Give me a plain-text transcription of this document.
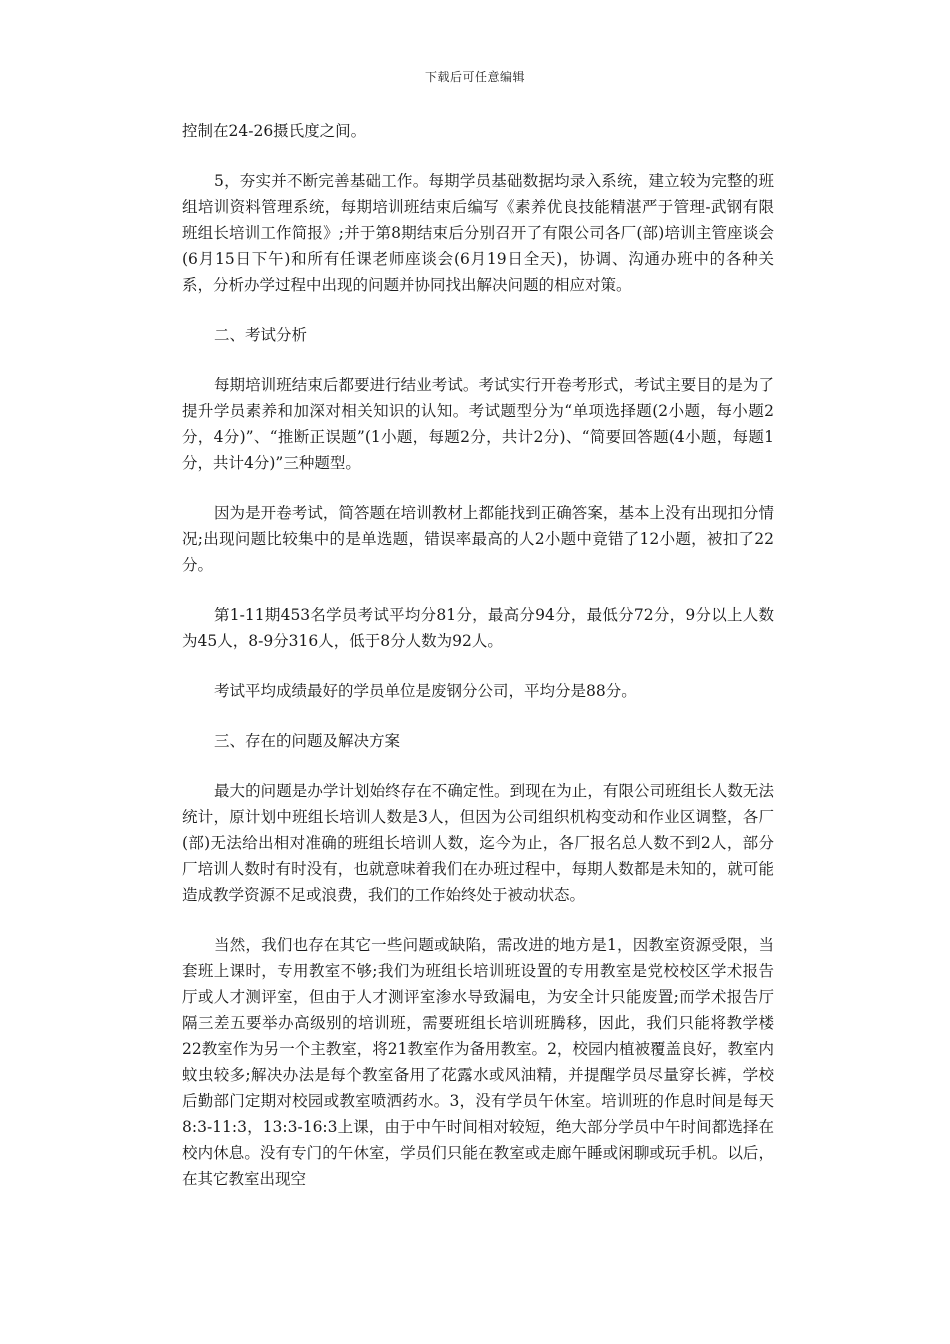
下载后可任意编辑

控制在24-26摄氏度之间。

5，夯实并不断完善基础工作。每期学员基础数据均录入系统，建立较为完整的班组培训资料管理系统，每期培训班结束后编写《素养优良技能精湛严于管理-武钢有限班组长培训工作简报》;并于第8期结束后分别召开了有限公司各厂(部)培训主管座谈会(6月15日下午)和所有任课老师座谈会(6月19日全天)，协调、沟通办班中的各种关系，分析办学过程中出现的问题并协同找出解决问题的相应对策。

二、考试分析

每期培训班结束后都要进行结业考试。考试实行开卷考形式，考试主要目的是为了提升学员素养和加深对相关知识的认知。考试题型分为“单项选择题(2小题，每小题2分，4分)”、“推断正误题”(1小题，每题2分，共计2分)、“简要回答题(4小题，每题1分，共计4分)”三种题型。

因为是开卷考试，简答题在培训教材上都能找到正确答案，基本上没有出现扣分情况;出现问题比较集中的是单选题，错误率最高的人2小题中竟错了12小题，被扣了22分。

第1-11期453名学员考试平均分81分，最高分94分，最低分72分，9分以上人数为45人，8-9分316人，低于8分人数为92人。

考试平均成绩最好的学员单位是废钢分公司，平均分是88分。

三、存在的问题及解决方案

最大的问题是办学计划始终存在不确定性。到现在为止，有限公司班组长人数无法统计，原计划中班组长培训人数是3人，但因为公司组织机构变动和作业区调整，各厂(部)无法给出相对准确的班组长培训人数，迄今为止，各厂报名总人数不到2人，部分厂培训人数时有时没有，也就意味着我们在办班过程中，每期人数都是未知的，就可能造成教学资源不足或浪费，我们的工作始终处于被动状态。

当然，我们也存在其它一些问题或缺陷，需改进的地方是1，因教室资源受限，当套班上课时，专用教室不够;我们为班组长培训班设置的专用教室是党校校区学术报告厅或人才测评室，但由于人才测评室渗水导致漏电，为安全计只能废置;而学术报告厅隔三差五要举办高级别的培训班，需要班组长培训班腾移，因此，我们只能将教学楼22教室作为另一个主教室，将21教室作为备用教室。2，校园内植被覆盖良好，教室内蚊虫较多;解决办法是每个教室备用了花露水或风油精，并提醒学员尽量穿长裤，学校后勤部门定期对校园或教室喷洒药水。3，没有学员午休室。培训班的作息时间是每天8:3-11:3，13:3-16:3上课，由于中午时间相对较短，绝大部分学员中午时间都选择在校内休息。没有专门的午休室，学员们只能在教室或走廊午睡或闲聊或玩手机。以后，在其它教室出现空
